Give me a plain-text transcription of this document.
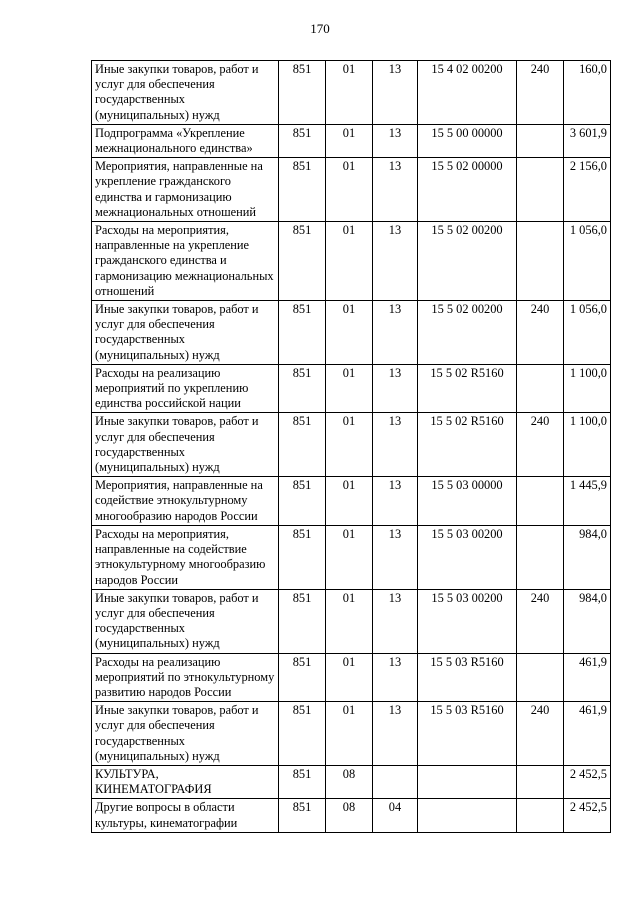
170
Иные закупки товаров, работ и услуг для обеспечения государственных (муниципальных) нужд	851	01	13	15 4 02 00200	240	160,0
Подпрограмма «Укрепление межнационального единства»	851	01	13	15 5 00 00000		3 601,9
Мероприятия, направленные на укрепление гражданского единства и гармонизацию межнациональных отношений	851	01	13	15 5 02 00000		2 156,0
Расходы на мероприятия, направленные на укрепление гражданского единства и гармонизацию межнациональных отношений	851	01	13	15 5 02 00200		1 056,0
Иные закупки товаров, работ и услуг для обеспечения государственных (муниципальных) нужд	851	01	13	15 5 02 00200	240	1 056,0
Расходы на реализацию мероприятий по укреплению единства российской нации	851	01	13	15 5 02 R5160		1 100,0
Иные закупки товаров, работ и услуг для обеспечения государственных (муниципальных) нужд	851	01	13	15 5 02 R5160	240	1 100,0
Мероприятия, направленные на содействие этнокультурному многообразию народов России	851	01	13	15 5 03 00000		1 445,9
Расходы на мероприятия, направленные на содействие этнокультурному многообразию народов России	851	01	13	15 5 03 00200		984,0
Иные закупки товаров, работ и услуг для обеспечения государственных (муниципальных) нужд	851	01	13	15 5 03 00200	240	984,0
Расходы на реализацию мероприятий по этнокультурному развитию народов России	851	01	13	15 5 03 R5160		461,9
Иные закупки товаров, работ и услуг для обеспечения государственных (муниципальных) нужд	851	01	13	15 5 03 R5160	240	461,9
КУЛЬТУРА, КИНЕМАТОГРАФИЯ	851	08				2 452,5
Другие вопросы в области культуры, кинематографии	851	08	04			2 452,5
